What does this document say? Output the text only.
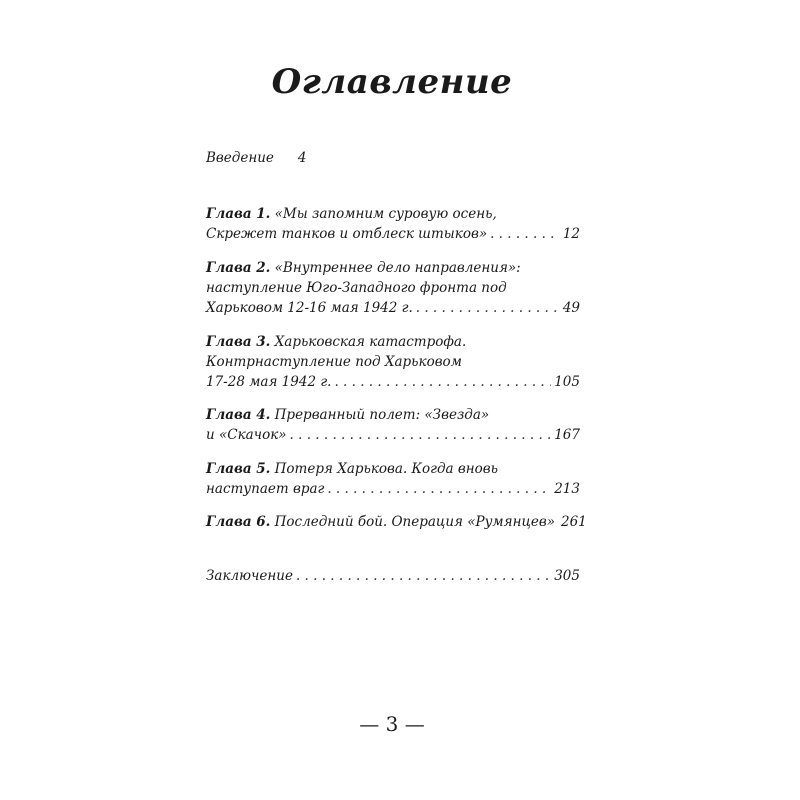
Оглавление
Введение 4
Глава 1. «Мы запомним суровую осень,
Скрежет танков и отблеск штыков» . . .	12
Глава 2. «Внутреннее дело направления»:
наступление Юго-Западного фронта под
Харьковом 12-16 мая 1942 г. . . .	49
Глава 3. Харьковская катастрофа.
Контрнаступление под Харьковом
17-28 мая 1942 г. . . .	105
Глава 4. Прерванный полет: «Звезда»
и «Скачок» . . .	167
Глава 5. Потеря Харькова. Когда вновь
наступает враг . . .	213
Глава 6. Последний бой. Операция «Румянцев» 261
Заключение . . .	305
— 3 —
